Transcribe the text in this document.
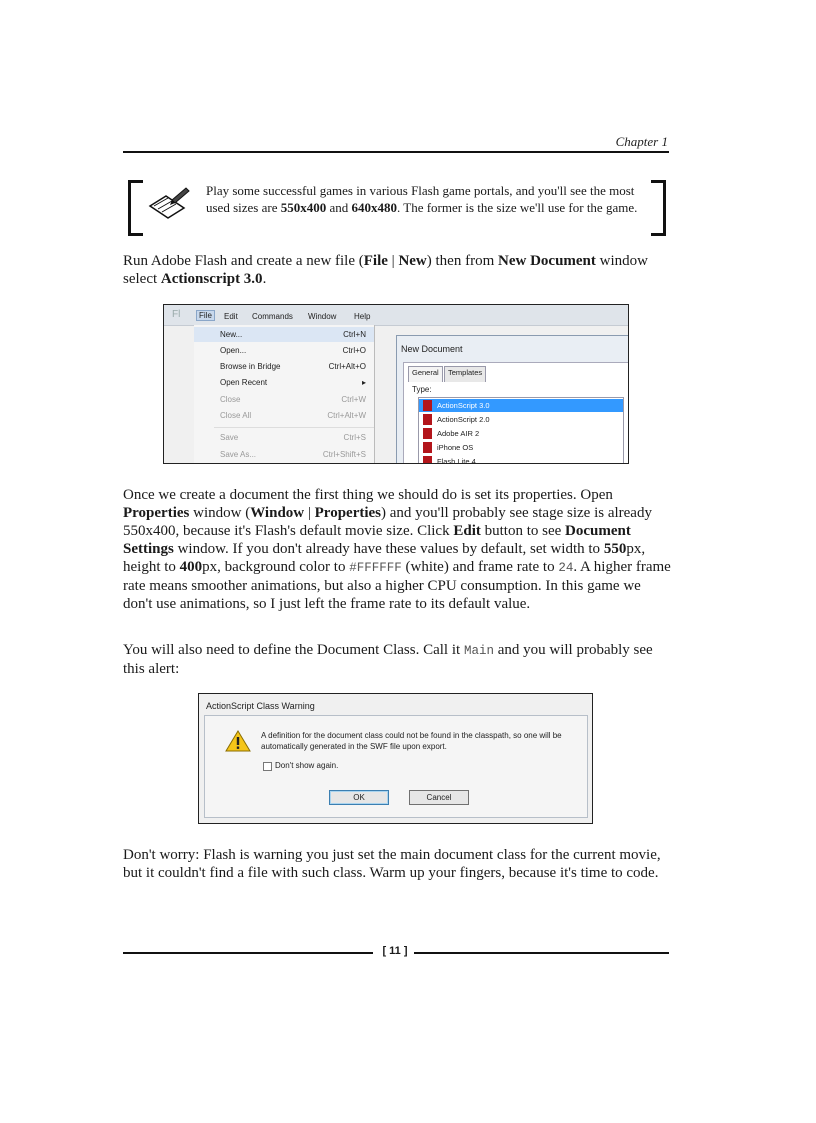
Chapter 1
Play some successful games in various Flash game portals, and you'll see the most used sizes are 550x400 and 640x480. The former is the size we'll use for the game.
Run Adobe Flash and create a new file (File | New) then from New Document window select Actionscript 3.0.
Fl	File	Edit Commands Window Help
New...	Ctrl+N
Open...	Ctrl+O
Browse in Bridge	Ctrl+Alt+O
Open Recent	▸
Close	Ctrl+W
Close All	Ctrl+Alt+W
Save	Ctrl+S
Save As...	Ctrl+Shift+S
New Document
General	Templates
Type:
ActionScript 3.0
ActionScript 2.0
Adobe AIR 2
iPhone OS
Flash Lite 4
Once we create a document the first thing we should do is set its properties. Open Properties window (Window | Properties) and you'll probably see stage size is already 550x400, because it's Flash's default movie size. Click Edit button to see Document Settings window. If you don't already have these values by default, set width to 550px, height to 400px, background color to #FFFFFF (white) and frame rate to 24. A higher frame rate means smoother animations, but also a higher CPU consumption. In this game we don't use animations, so I just left the frame rate to its default value.
You will also need to define the Document Class. Call it Main and you will probably see this alert:
ActionScript Class Warning
A definition for the document class could not be found in the classpath, so one will be automatically generated in the SWF file upon export.
Don't show again.
OK	Cancel
Don't worry: Flash is warning you just set the main document class for the current movie, but it couldn't find a file with such class. Warm up your fingers, because it's time to code.
[ 11 ]
